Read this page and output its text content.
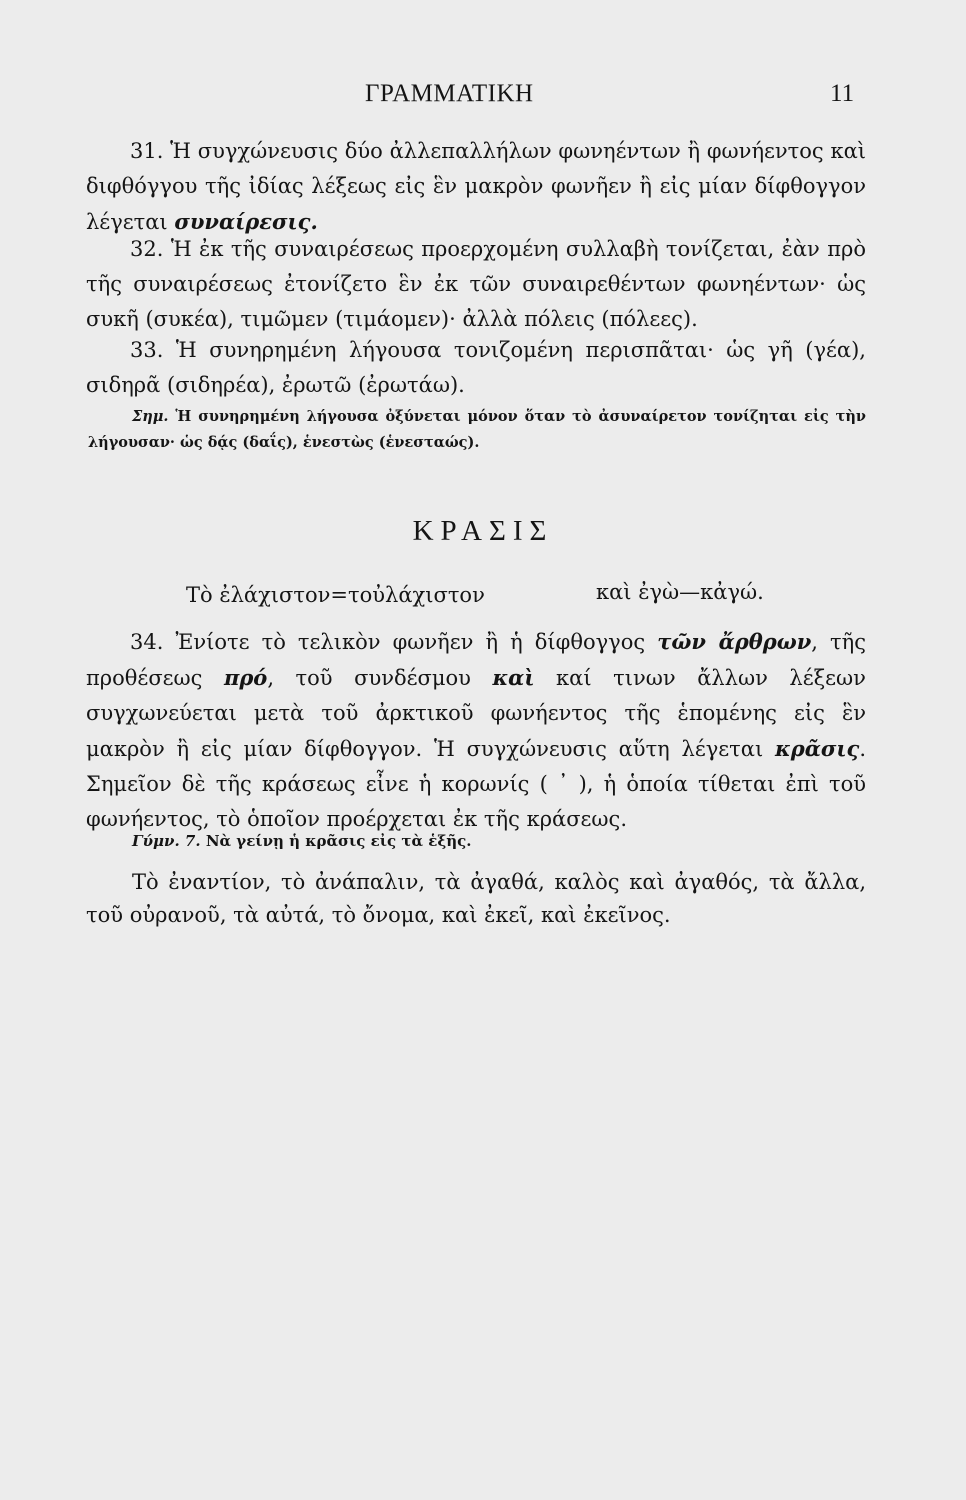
ΓΡΑΜΜΑΤΙΚΗ	11

31. Ἡ συγχώνευσις δύο ἀλλεπαλλήλων φωνηέντων ἢ φωνήεντος καὶ διφθόγγου τῆς ἰδίας λέξεως εἰς ἓν μακρὸν φωνῆεν ἢ εἰς μίαν δίφθογγον λέγεται συναίρεσις.

32. Ἡ ἐκ τῆς συναιρέσεως προερχομένη συλλαβὴ τονίζεται, ἐὰν πρὸ τῆς συναιρέσεως ἐτονίζετο ἓν ἐκ τῶν συναιρεθέντων φωνηέντων· ὡς συκῆ (συκέα), τιμῶμεν (τιμάομεν)· ἀλλὰ πόλεις (πόλεες).

33. Ἡ συνηρημένη λήγουσα τονιζομένη περισπᾶται· ὡς γῆ (γέα), σιδηρᾶ (σιδηρέα), ἐρωτῶ (ἐρωτάω).

Σημ. Ἡ συνηρημένη λήγουσα ὀξύνεται μόνον ὅταν τὸ ἀσυναίρετον τονίζηται εἰς τὴν λήγουσαν· ὡς δᾴς (δαΐς), ἑνεστὼς (ἑνεσταώς).

ΚΡΑΣΙΣ
Τὸ ἐλάχιστον=τοὐλάχιστον	καὶ ἐγὼ—κἀγώ.

34. Ἐνίοτε τὸ τελικὸν φωνῆεν ἢ ἡ δίφθογγος τῶν ἄρθρων, τῆς προθέσεως πρό, τοῦ συνδέσμου καὶ καί τινων ἄλλων λέξεων συγχωνεύεται μετὰ τοῦ ἀρκτικοῦ φωνήεντος τῆς ἑπομένης εἰς ἓν μακρὸν ἢ εἰς μίαν δίφθογγον. Ἡ συγχώνευσις αὕτη λέγεται κρᾶσις. Σημεῖον δὲ τῆς κράσεως εἶνε ἡ κορωνίς ( ᾿ ), ἡ ὁποία τίθεται ἐπὶ τοῦ φωνήεντος, τὸ ὁποῖον προέρχεται ἐκ τῆς κράσεως.

Γύμν. 7. Νὰ γείνῃ ἡ κρᾶσις εἰς τὰ ἑξῆς.

Τὸ ἐναντίον, τὸ ἀνάπαλιν, τὰ ἀγαθά, καλὸς καὶ ἀγαθός, τὰ ἄλλα, τοῦ οὐρανοῦ, τὰ αὐτά, τὸ ὄνομα, καὶ ἐκεῖ, καὶ ἐκεῖνος.
